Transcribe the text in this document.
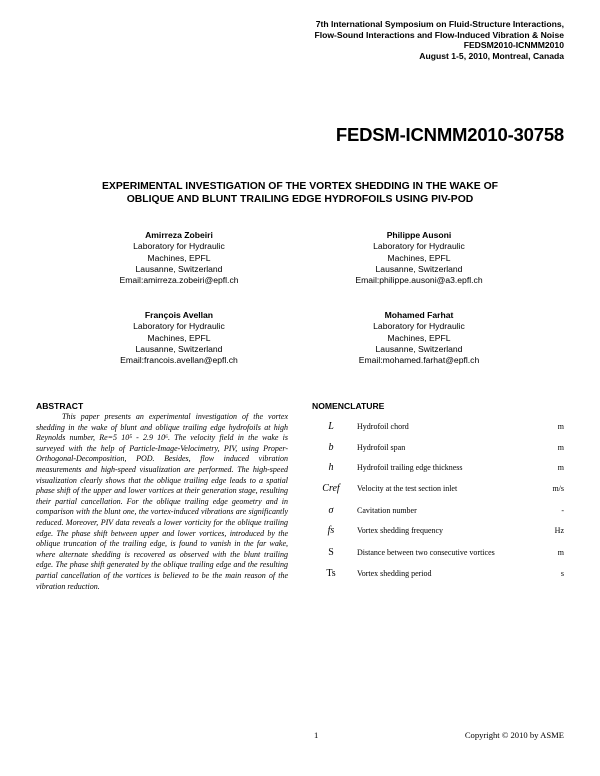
7th International Symposium on Fluid-Structure Interactions,
Flow-Sound Interactions and Flow-Induced Vibration & Noise
FEDSM2010-ICNMM2010
August 1-5, 2010, Montreal, Canada
FEDSM-ICNMM2010-30758
EXPERIMENTAL INVESTIGATION OF THE VORTEX SHEDDING IN THE WAKE OF
OBLIQUE AND BLUNT TRAILING EDGE HYDROFOILS USING PIV-POD
Amirreza Zobeiri
Laboratory for Hydraulic
Machines, EPFL
Lausanne, Switzerland
Email:amirreza.zobeiri@epfl.ch
Philippe Ausoni
Laboratory for Hydraulic
Machines, EPFL
Lausanne, Switzerland
Email:philippe.ausoni@a3.epfl.ch
François Avellan
Laboratory for Hydraulic
Machines, EPFL
Lausanne, Switzerland
Email:francois.avellan@epfl.ch
Mohamed Farhat
Laboratory for Hydraulic
Machines, EPFL
Lausanne, Switzerland
Email:mohamed.farhat@epfl.ch
ABSTRACT

This paper presents an experimental investigation of the vortex shedding in the wake of blunt and oblique trailing edge hydrofoils at high Reynolds number, Re=5 10⁵ - 2.9 10⁶. The velocity field in the wake is surveyed with the help of Particle-Image-Velocimetry, PIV, using Proper-Orthogonal-Decomposition, POD. Besides, flow induced vibration measurements and high-speed visualization are performed. The high-speed visualization clearly shows that the oblique trailing edge leads to a spatial phase shift of the upper and lower vortices at their generation stage, resulting their partial cancellation. For the oblique trailing edge geometry and in comparison with the blunt one, the vortex-induced vibrations are significantly reduced. Moreover, PIV data reveals a lower vorticity for the oblique trailing edge. The phase shift between upper and lower vortices, introduced by the oblique truncation of the trailing edge, is found to vanish in the far wake, where alternate shedding is recovered as observed with the blunt trailing edge. The phase shift generated by the oblique trailing edge and the resulting partial cancellation of the vortices is believed to be the main reason of the vibration reduction.

NOMENCLATURE
L	Hydrofoil chord	m
b	Hydrofoil span	m
h	Hydrofoil trailing edge thickness	m
Cref	Velocity at the test section inlet	m/s
σ	Cavitation number	-
fs	Vortex shedding frequency	Hz
S	Distance between two consecutive vortices	m
Ts	Vortex shedding period	s
1	Copyright © 2010 by ASME
